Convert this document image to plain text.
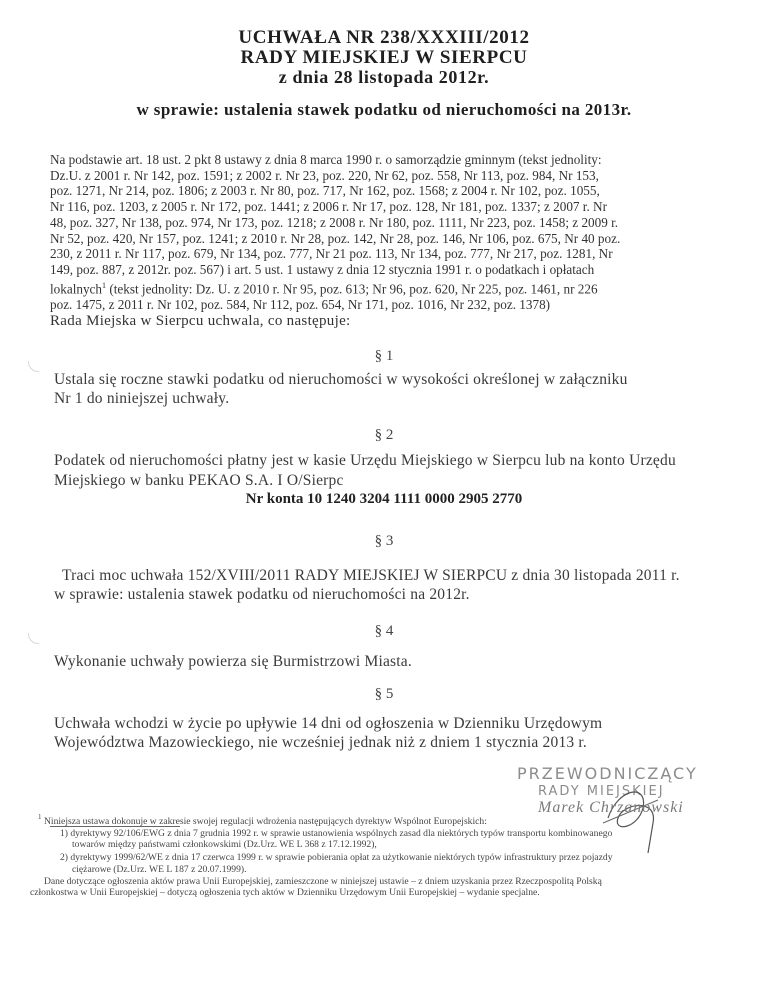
UCHWAŁA NR 238/XXXIII/2012
RADY MIEJSKIEJ W SIERPCU
z dnia 28 listopada 2012r.
w sprawie: ustalenia stawek podatku od nieruchomości na 2013r.
Na podstawie art. 18 ust. 2 pkt 8 ustawy z dnia 8 marca 1990 r. o samorządzie gminnym (tekst jednolity:
Dz.U. z 2001 r. Nr 142, poz. 1591; z 2002 r. Nr 23, poz. 220, Nr 62, poz. 558, Nr 113, poz. 984, Nr 153,
poz. 1271, Nr 214, poz. 1806; z 2003 r. Nr 80, poz. 717, Nr 162, poz. 1568; z 2004 r. Nr 102, poz. 1055,
Nr 116, poz. 1203, z 2005 r. Nr 172, poz. 1441; z 2006 r. Nr 17, poz. 128, Nr 181, poz. 1337; z 2007 r. Nr
48, poz. 327, Nr 138, poz. 974, Nr 173, poz. 1218; z 2008 r. Nr 180, poz. 1111, Nr 223, poz. 1458; z 2009 r.
Nr 52, poz. 420, Nr 157, poz. 1241; z 2010 r. Nr 28, poz. 142, Nr 28, poz. 146, Nr 106, poz. 675, Nr 40 poz.
230, z 2011 r. Nr 117, poz. 679, Nr 134, poz. 777, Nr 21 poz. 113, Nr 134, poz. 777, Nr 217, poz. 1281, Nr
149, poz. 887, z 2012r. poz. 567) i art. 5 ust. 1 ustawy z dnia 12 stycznia 1991 r. o podatkach i opłatach
lokalnych$^1$ (tekst jednolity: Dz. U. z 2010 r. Nr 95, poz. 613; Nr 96, poz. 620, Nr 225, poz. 1461, nr 226
poz. 1475, z 2011 r. Nr 102, poz. 584, Nr 112, poz. 654, Nr 171, poz. 1016, Nr 232, poz. 1378)
Rada Miejska w Sierpcu uchwala, co następuje:
§ 1
Ustala się roczne stawki podatku od nieruchomości w wysokości określonej w załączniku
Nr 1 do niniejszej uchwały.
§ 2
Podatek od nieruchomości płatny jest w kasie Urzędu Miejskiego w Sierpcu lub na konto Urzędu
Miejskiego w banku PEKAO S.A. I O/Sierpc
Nr konta 10 1240 3204 1111 0000 2905 2770
§ 3
Traci moc uchwała 152/XVIII/2011 RADY MIEJSKIEJ W SIERPCU z dnia 30 listopada 2011 r.
w sprawie: ustalenia stawek podatku od nieruchomości na 2012r.
§ 4
Wykonanie uchwały powierza się Burmistrzowi Miasta.
§ 5
Uchwała wchodzi w życie po upływie 14 dni od ogłoszenia w Dzienniku Urzędowym
Województwa Mazowieckiego, nie wcześniej jednak niż z dniem 1 stycznia 2013 r.
PRZEWODNICZĄCY
RADY MIEJSKIEJ
Marek Chrzanowski
1 Niniejsza ustawa dokonuje w zakresie swojej regulacji wdrożenia następujących dyrektyw Wspólnot Europejskich:
1) dyrektywy 92/106/EWG z dnia 7 grudnia 1992 r. w sprawie ustanowienia wspólnych zasad dla niektórych typów transportu kombinowanego
towarów między państwami członkowskimi (Dz.Urz. WE L 368 z 17.12.1992),
2) dyrektywy 1999/62/WE z dnia 17 czerwca 1999 r. w sprawie pobierania opłat za użytkowanie niektórych typów infrastruktury przez pojazdy
ciężarowe (Dz.Urz. WE L 187 z 20.07.1999).
Dane dotyczące ogłoszenia aktów prawa Unii Europejskiej, zamieszczone w niniejszej ustawie – z dniem uzyskania przez Rzeczpospolitą Polską
członkostwa w Unii Europejskiej – dotyczą ogłoszenia tych aktów w Dzienniku Urzędowym Unii Europejskiej – wydanie specjalne.
